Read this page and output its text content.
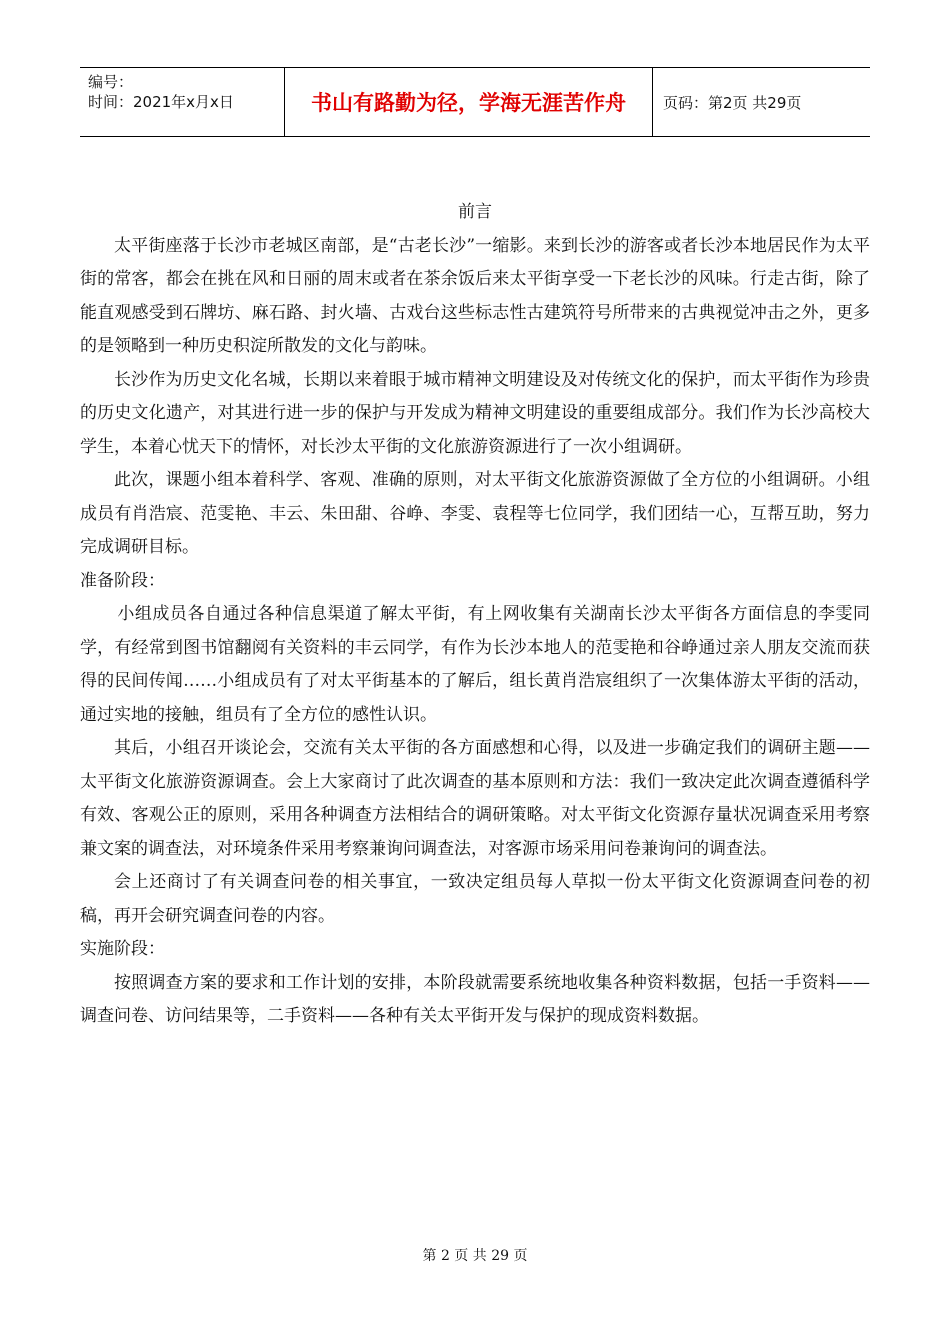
编号：
时间：2021年x月x日	书山有路勤为径，学海无涯苦作舟	页码：第2页 共29页
前言

太平街座落于长沙市老城区南部，是“古老长沙”一缩影。来到长沙的游客或者长沙本地居民作为太平街的常客，都会在挑在风和日丽的周末或者在茶余饭后来太平街享受一下老长沙的风味。行走古街，除了能直观感受到石牌坊、麻石路、封火墙、古戏台这些标志性古建筑符号所带来的古典视觉冲击之外，更多的是领略到一种历史积淀所散发的文化与韵味。

长沙作为历史文化名城，长期以来着眼于城市精神文明建设及对传统文化的保护，而太平街作为珍贵的历史文化遗产，对其进行进一步的保护与开发成为精神文明建设的重要组成部分。我们作为长沙高校大学生，本着心忧天下的情怀，对长沙太平街的文化旅游资源进行了一次小组调研。

此次，课题小组本着科学、客观、准确的原则，对太平街文化旅游资源做了全方位的小组调研。小组成员有肖浩宸、范雯艳、丰云、朱田甜、谷峥、李雯、袁程等七位同学，我们团结一心，互帮互助，努力完成调研目标。

准备阶段：

小组成员各自通过各种信息渠道了解太平街，有上网收集有关湖南长沙太平街各方面信息的李雯同学，有经常到图书馆翻阅有关资料的丰云同学，有作为长沙本地人的范雯艳和谷峥通过亲人朋友交流而获得的民间传闻……小组成员有了对太平街基本的了解后，组长黄肖浩宸组织了一次集体游太平街的活动，通过实地的接触，组员有了全方位的感性认识。

其后，小组召开谈论会，交流有关太平街的各方面感想和心得，以及进一步确定我们的调研主题——太平街文化旅游资源调查。会上大家商讨了此次调查的基本原则和方法：我们一致决定此次调查遵循科学有效、客观公正的原则，采用各种调查方法相结合的调研策略。对太平街文化资源存量状况调查采用考察兼文案的调查法，对环境条件采用考察兼询问调查法，对客源市场采用问卷兼询问的调查法。

会上还商讨了有关调查问卷的相关事宜，一致决定组员每人草拟一份太平街文化资源调查问卷的初稿，再开会研究调查问卷的内容。

实施阶段：

按照调查方案的要求和工作计划的安排，本阶段就需要系统地收集各种资料数据，包括一手资料——调查问卷、访问结果等，二手资料——各种有关太平街开发与保护的现成资料数据。

第 2 页 共 29 页
